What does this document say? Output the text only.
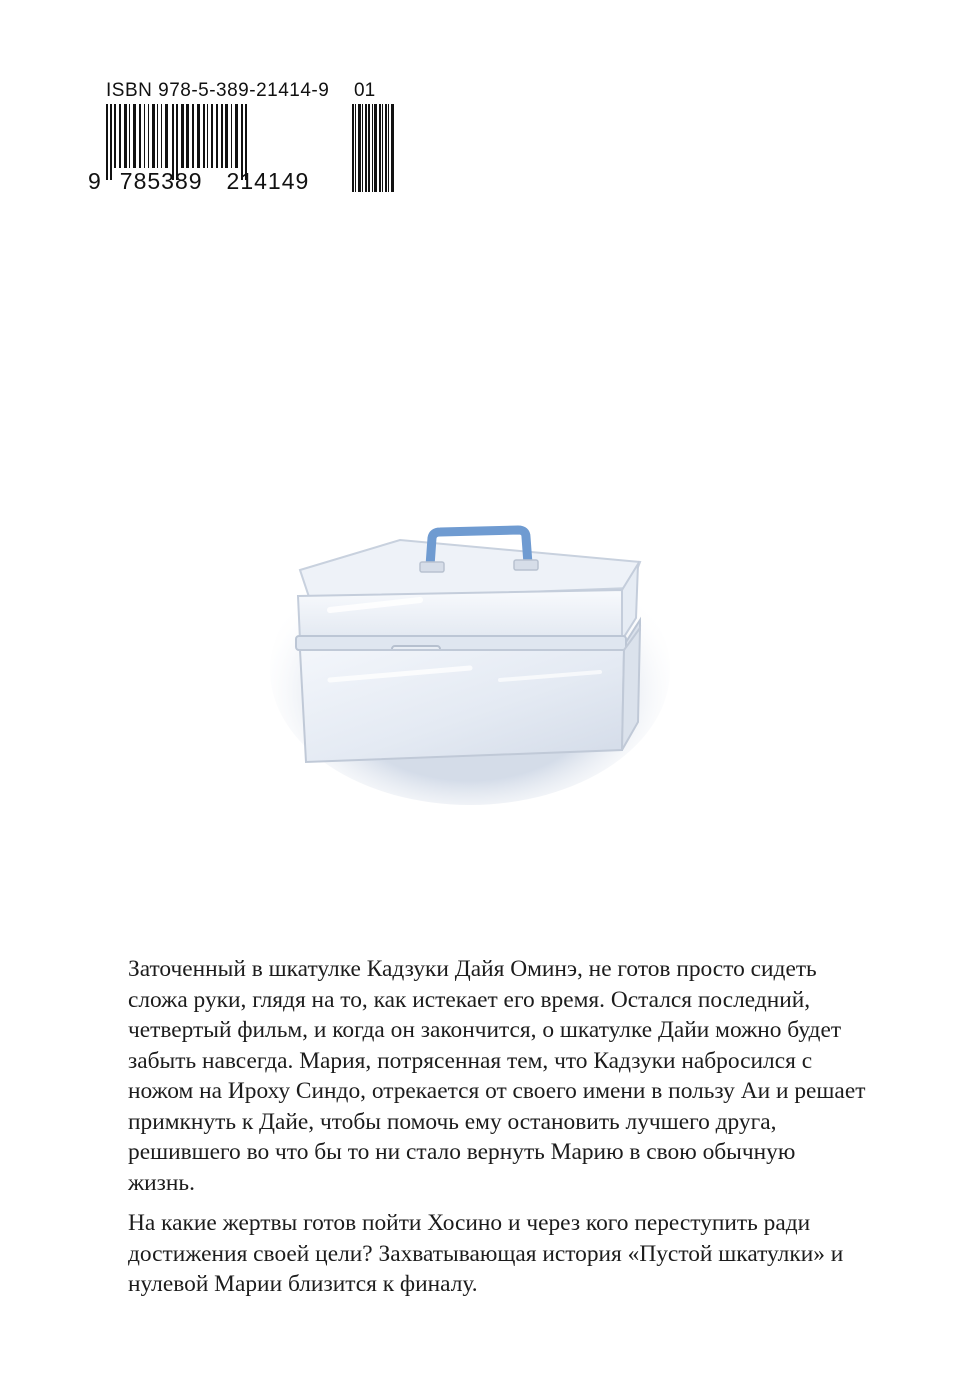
ISBN 978-5-389-21414-9 01
9 785389 214149

Заточенный в шкатулке Кадзуки Дайя Оминэ, не готов просто сидеть сложа руки, глядя на то, как истекает его время. Остался последний, четвертый фильм, и когда он закончится, о шкатулке Дайи можно будет забыть навсегда. Мария, потрясенная тем, что Кадзуки набросился с ножом на Ироху Синдо, отрекается от своего имени в пользу Аи и решает примкнуть к Дайе, чтобы помочь ему остановить лучшего друга, решившего во что бы то ни стало вернуть Марию в свою обычную жизнь.

На какие жертвы готов пойти Хосино и через кого переступить ради достижения своей цели? Захватывающая история «Пустой шкатулки» и нулевой Марии близится к финалу.
